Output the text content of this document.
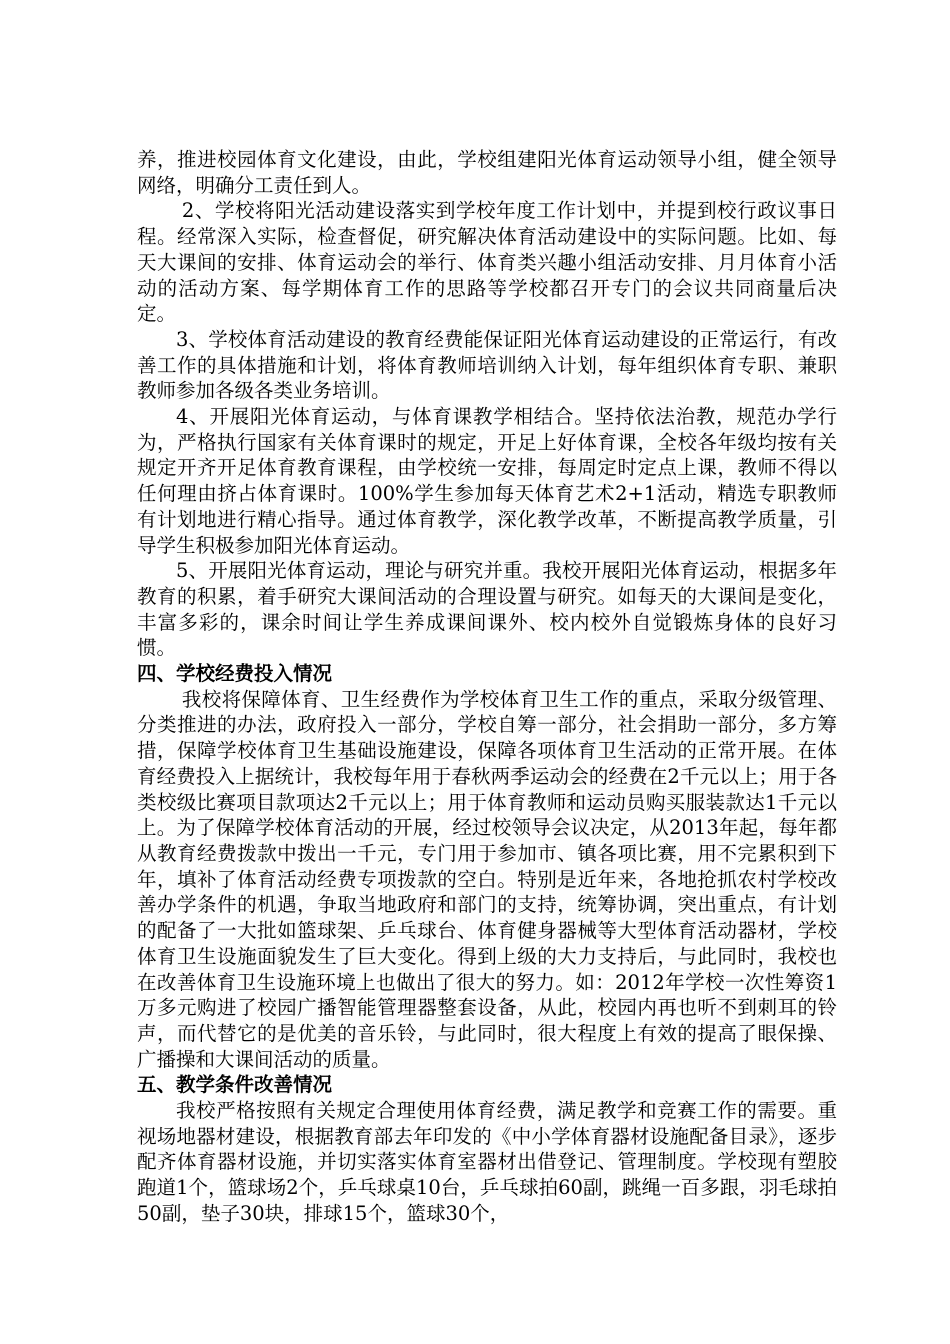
养，推进校园体育文化建设，由此，学校组建阳光体育运动领导小组，健全领导网络，明确分工责任到人。

2、学校将阳光活动建设落实到学校年度工作计划中，并提到校行政议事日程。经常深入实际，检查督促，研究解决体育活动建设中的实际问题。比如、每天大课间的安排、体育运动会的举行、体育类兴趣小组活动安排、月月体育小活动的活动方案、每学期体育工作的思路等学校都召开专门的会议共同商量后决定。

3、学校体育活动建设的教育经费能保证阳光体育运动建设的正常运行，有改善工作的具体措施和计划，将体育教师培训纳入计划，每年组织体育专职、兼职教师参加各级各类业务培训。

4、开展阳光体育运动，与体育课教学相结合。坚持依法治教，规范办学行为，严格执行国家有关体育课时的规定，开足上好体育课，全校各年级均按有关规定开齐开足体育教育课程，由学校统一安排，每周定时定点上课，教师不得以任何理由挤占体育课时。100%学生参加每天体育艺术2+1活动，精选专职教师有计划地进行精心指导。通过体育教学，深化教学改革，不断提高教学质量，引导学生积极参加阳光体育运动。

5、开展阳光体育运动，理论与研究并重。我校开展阳光体育运动，根据多年教育的积累，着手研究大课间活动的合理设置与研究。如每天的大课间是变化，丰富多彩的，课余时间让学生养成课间课外、校内校外自觉锻炼身体的良好习惯。

四、学校经费投入情况

我校将保障体育、卫生经费作为学校体育卫生工作的重点，采取分级管理、分类推进的办法，政府投入一部分，学校自筹一部分，社会捐助一部分，多方筹措，保障学校体育卫生基础设施建设，保障各项体育卫生活动的正常开展。在体育经费投入上据统计，我校每年用于春秋两季运动会的经费在2千元以上；用于各类校级比赛项目款项达2千元以上；用于体育教师和运动员购买服装款达1千元以上。为了保障学校体育活动的开展，经过校领导会议决定，从2013年起，每年都从教育经费拨款中拨出一千元，专门用于参加市、镇各项比赛，用不完累积到下年，填补了体育活动经费专项拨款的空白。特别是近年来，各地抢抓农村学校改善办学条件的机遇，争取当地政府和部门的支持，统筹协调，突出重点，有计划的配备了一大批如篮球架、乒乓球台、体育健身器械等大型体育活动器材，学校体育卫生设施面貌发生了巨大变化。得到上级的大力支持后，与此同时，我校也在改善体育卫生设施环境上也做出了很大的努力。如：2012年学校一次性筹资1万多元购进了校园广播智能管理器整套设备，从此，校园内再也听不到刺耳的铃声，而代替它的是优美的音乐铃，与此同时，很大程度上有效的提高了眼保操、广播操和大课间活动的质量。

五、教学条件改善情况

我校严格按照有关规定合理使用体育经费，满足教学和竞赛工作的需要。重视场地器材建设，根据教育部去年印发的《中小学体育器材设施配备目录》，逐步配齐体育器材设施，并切实落实体育室器材出借登记、管理制度。学校现有塑胶跑道1个，篮球场2个，乒乓球桌10台，乒乓球拍60副，跳绳一百多跟，羽毛球拍50副，垫子30块，排球15个，篮球30个，
